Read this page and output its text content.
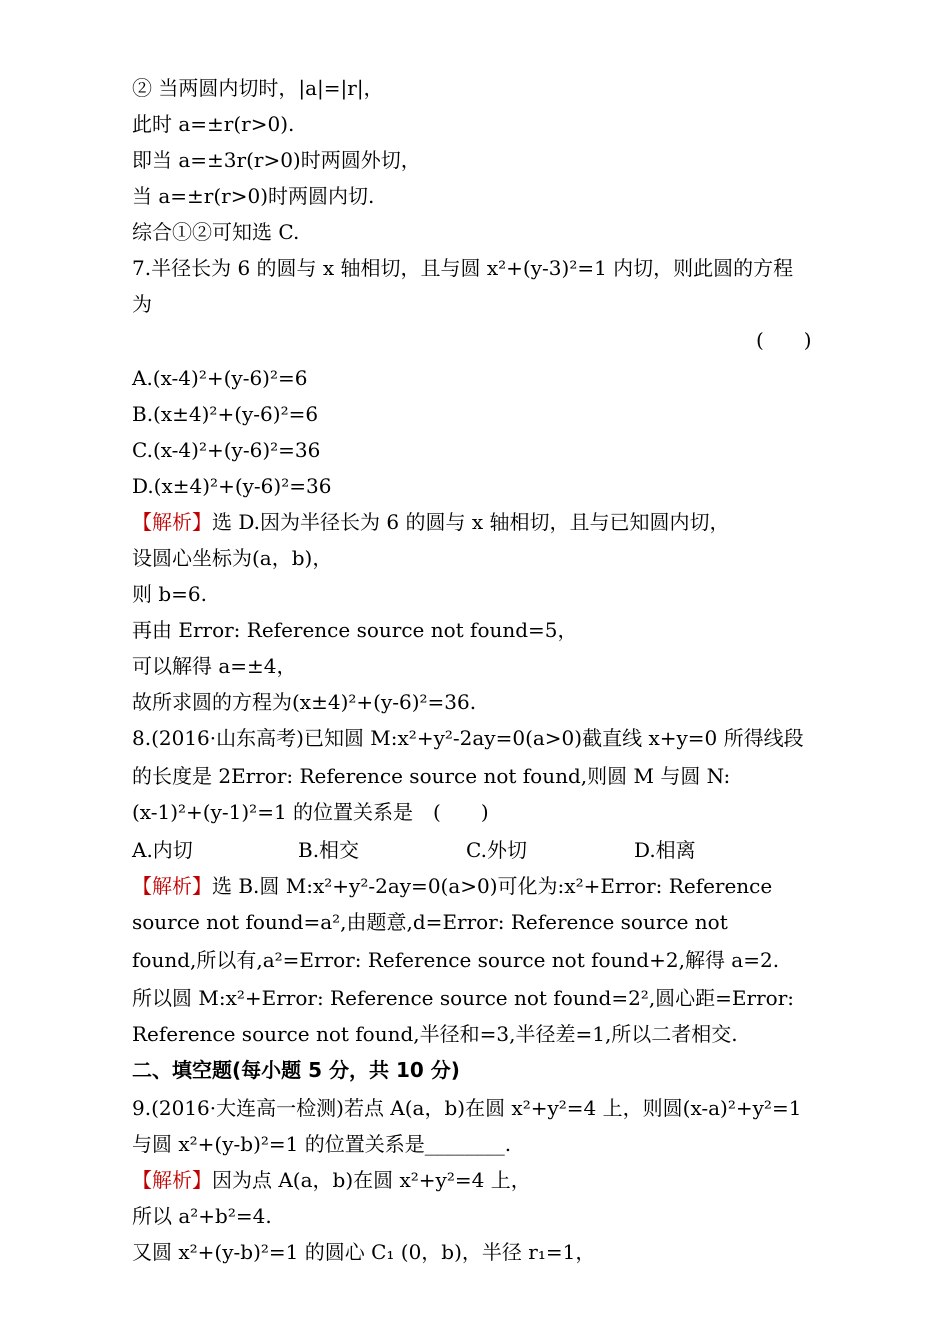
② 当两圆内切时，|a|=|r|，
此时 a=±r(r>0).
即当 a=±3r(r>0)时两圆外切，
当 a=±r(r>0)时两圆内切.
综合①②可知选 C.
7.半径长为 6 的圆与 x 轴相切，且与圆 x²+(y-3)²=1 内切，则此圆的方程
为
(　　)
A.(x-4)²+(y-6)²=6
B.(x±4)²+(y-6)²=6
C.(x-4)²+(y-6)²=36
D.(x±4)²+(y-6)²=36
【解析】选 D.因为半径长为 6 的圆与 x 轴相切，且与已知圆内切，
设圆心坐标为(a，b)，
则 b=6.
再由 Error: Reference source not found=5，
可以解得 a=±4，
故所求圆的方程为(x±4)²+(y-6)²=36.
8.(2016·山东高考)已知圆 M:x²+y²-2ay=0(a>0)截直线 x+y=0 所得线段
的长度是 2Error: Reference source not found,则圆 M 与圆 N:
(x-1)²+(y-1)²=1 的位置关系是　(　　)
A.内切	B.相交	C.外切	D.相离
【解析】选 B.圆 M:x²+y²-2ay=0(a>0)可化为:x²+Error: Reference
source not found=a²,由题意,d=Error: Reference source not
found,所以有,a²=Error: Reference source not found+2,解得 a=2.
所以圆 M:x²+Error: Reference source not found=2²,圆心距=Error:
Reference source not found,半径和=3,半径差=1,所以二者相交.
二、填空题(每小题 5 分，共 10 分)
9.(2016·大连高一检测)若点 A(a，b)在圆 x²+y²=4 上，则圆(x-a)²+y²=1
与圆 x²+(y-b)²=1 的位置关系是________.
【解析】因为点 A(a，b)在圆 x²+y²=4 上，
所以 a²+b²=4.
又圆 x²+(y-b)²=1 的圆心 C₁ (0，b)，半径 r₁=1，
